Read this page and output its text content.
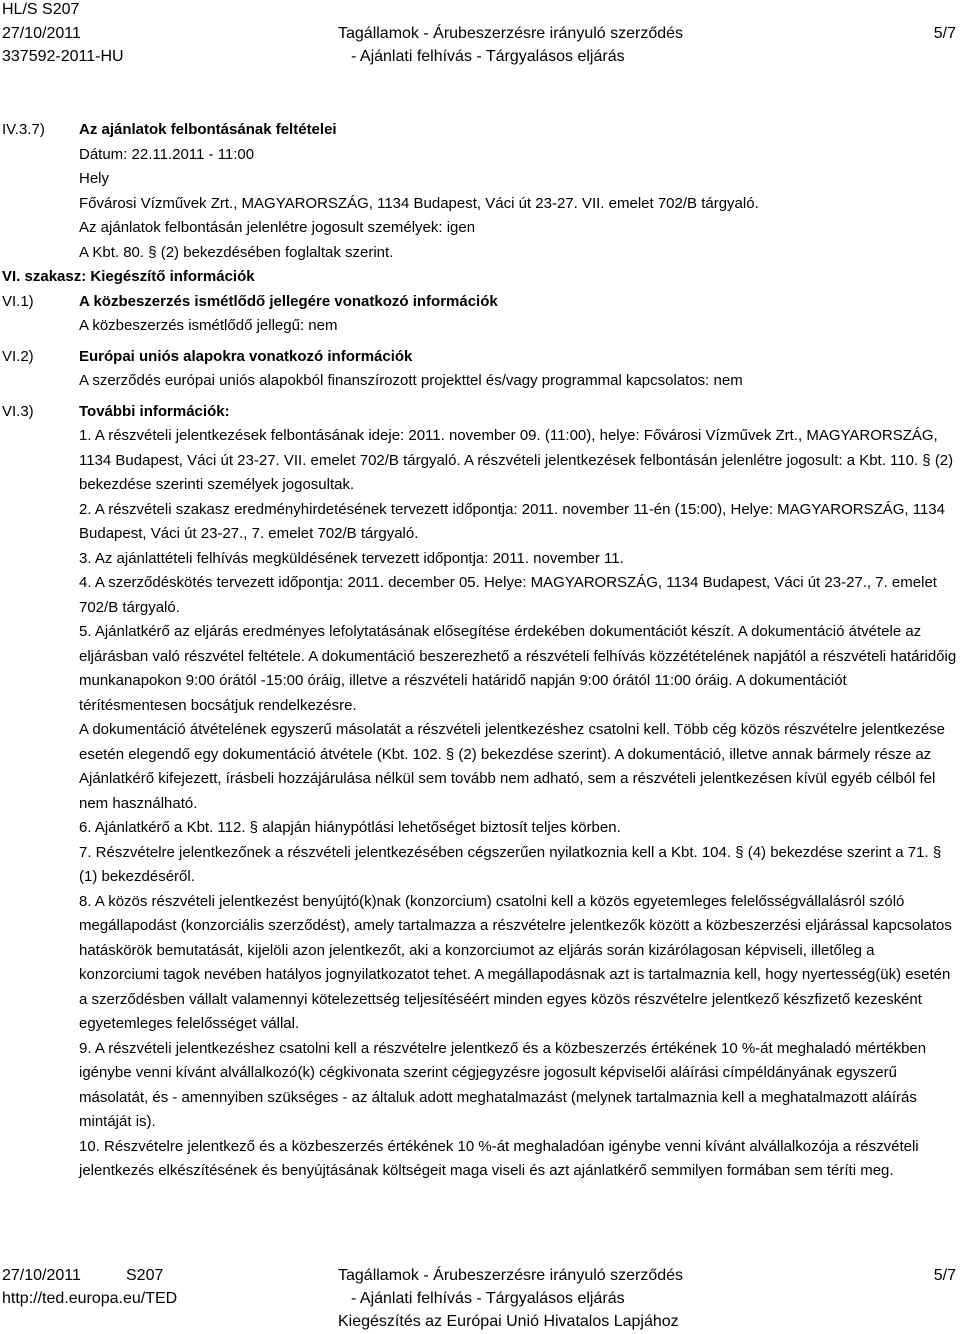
HL/S S207
27/10/2011
337592-2011-HU
Tagállamok - Árubeszerzésre irányuló szerződés
- Ajánlati felhívás - Tárgyalásos eljárás
5/7
IV.3.7) Az ajánlatok felbontásának feltételei

Dátum: 22.11.2011 - 11:00

Hely

Fővárosi Vízművek Zrt., MAGYARORSZÁG, 1134 Budapest, Váci út 23-27. VII. emelet 702/B tárgyaló.

Az ajánlatok felbontásán jelenlétre jogosult személyek: igen

A Kbt. 80. § (2) bekezdésében foglaltak szerint.

VI. szakasz: Kiegészítő információk
VI.1)	A közbeszerzés ismétlődő jellegére vonatkozó információk

A közbeszerzés ismétlődő jellegű: nem

VI.2)	Európai uniós alapokra vonatkozó információk

A szerződés európai uniós alapokból finanszírozott projekttel és/vagy programmal kapcsolatos: nem

VI.3)	További információk:

1. A részvételi jelentkezések felbontásának ideje: 2011. november 09. (11:00), helye: Fővárosi Vízművek Zrt., MAGYARORSZÁG, 1134 Budapest, Váci út 23-27. VII. emelet 702/B tárgyaló. A részvételi jelentkezések felbontásán jelenlétre jogosult: a Kbt. 110. § (2) bekezdése szerinti személyek jogosultak.

2. A részvételi szakasz eredményhirdetésének tervezett időpontja: 2011. november 11-én (15:00), Helye: MAGYARORSZÁG, 1134 Budapest, Váci út 23-27., 7. emelet 702/B tárgyaló.

3. Az ajánlattételi felhívás megküldésének tervezett időpontja: 2011. november 11.

4. A szerződéskötés tervezett időpontja: 2011. december 05. Helye: MAGYARORSZÁG, 1134 Budapest, Váci út 23-27., 7. emelet 702/B tárgyaló.

5. Ajánlatkérő az eljárás eredményes lefolytatásának elősegítése érdekében dokumentációt készít. A dokumentáció átvétele az eljárásban való részvétel feltétele. A dokumentáció beszerezhető a részvételi felhívás közzétételének napjától a részvételi határidőig munkanapokon 9:00 órától -15:00 óráig, illetve a részvételi határidő napján 9:00 órától 11:00 óráig. A dokumentációt térítésmentesen bocsátjuk rendelkezésre.

A dokumentáció átvételének egyszerű másolatát a részvételi jelentkezéshez csatolni kell. Több cég közös részvételre jelentkezése esetén elegendő egy dokumentáció átvétele (Kbt. 102. § (2) bekezdése szerint). A dokumentáció, illetve annak bármely része az Ajánlatkérő kifejezett, írásbeli hozzájárulása nélkül sem tovább nem adható, sem a részvételi jelentkezésen kívül egyéb célból fel nem használható.

6. Ajánlatkérő a Kbt. 112. § alapján hiánypótlási lehetőséget biztosít teljes körben.

7. Részvételre jelentkezőnek a részvételi jelentkezésében cégszerűen nyilatkoznia kell a Kbt. 104. § (4) bekezdése szerint a 71. § (1) bekezdéséről.

8. A közös részvételi jelentkezést benyújtó(k)nak (konzorcium) csatolni kell a közös egyetemleges felelősségvállalásról szóló megállapodást (konzorciális szerződést), amely tartalmazza a részvételre jelentkezők között a közbeszerzési eljárással kapcsolatos hatáskörök bemutatását, kijelöli azon jelentkezőt, aki a konzorciumot az eljárás során kizárólagosan képviseli, illetőleg a konzorciumi tagok nevében hatályos jognyilatkozatot tehet. A megállapodásnak azt is tartalmaznia kell, hogy nyertesség(ük) esetén a szerződésben vállalt valamennyi kötelezettség teljesítéséért minden egyes közös részvételre jelentkező készfizető kezesként egyetemleges felelősséget vállal.

9. A részvételi jelentkezéshez csatolni kell a részvételre jelentkező és a közbeszerzés értékének 10 %-át meghaladó mértékben igénybe venni kívánt alvállalkozó(k) cégkivonata szerint cégjegyzésre jogosult képviselői aláírási címpéldányának egyszerű másolatát, és - amennyiben szükséges - az általuk adott meghatalmazást (melynek tartalmaznia kell a meghatalmazott aláírás mintáját is).

10. Részvételre jelentkező és a közbeszerzés értékének 10 %-át meghaladóan igénybe venni kívánt alvállalkozója a részvételi jelentkezés elkészítésének és benyújtásának költségeit maga viseli és azt ajánlatkérő semmilyen formában sem téríti meg.

27/10/2011	S207
http://ted.europa.eu/TED
Tagállamok - Árubeszerzésre irányuló szerződés
- Ajánlati felhívás - Tárgyalásos eljárás
Kiegészítés az Európai Unió Hivatalos Lapjához
5/7
